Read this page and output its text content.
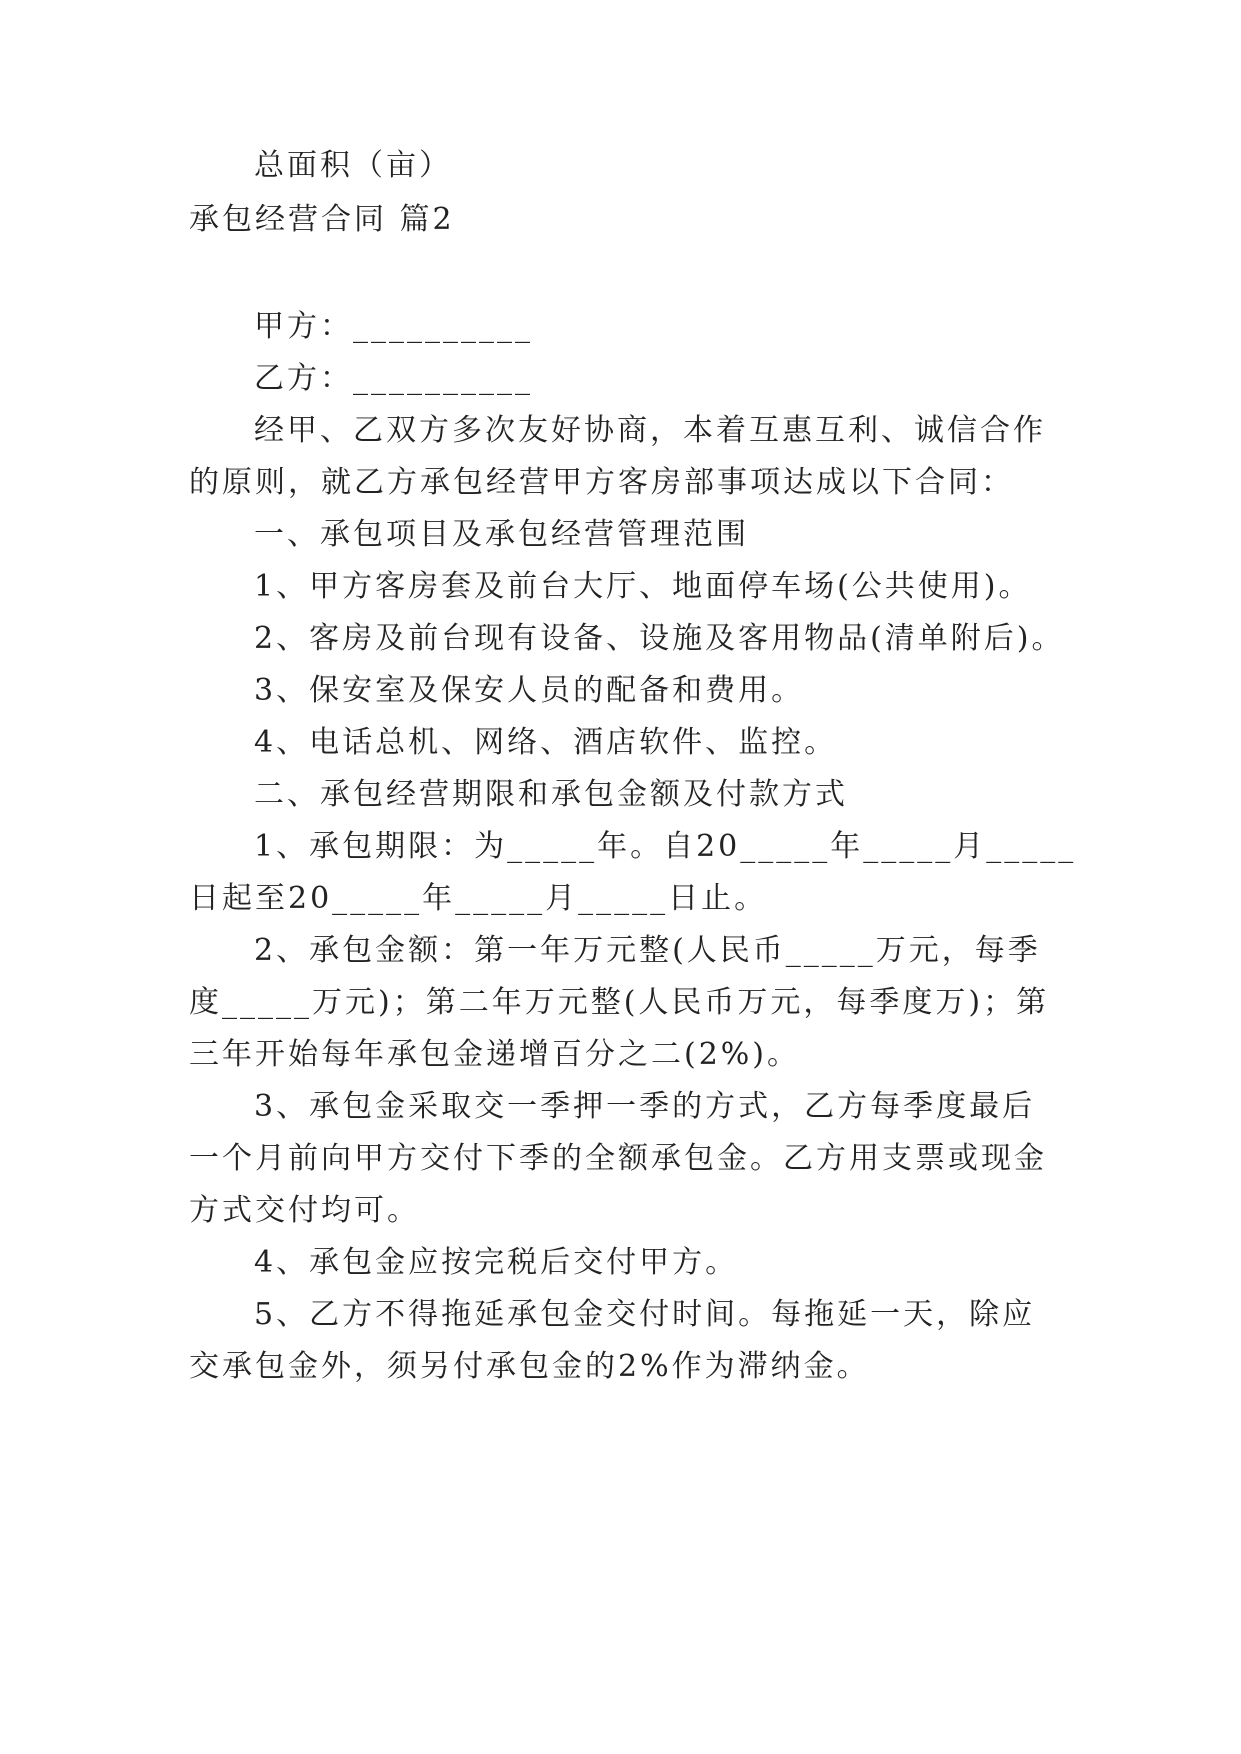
总面积（亩）

承包经营合同 篇2

甲方：__________

乙方：__________

经甲、乙双方多次友好协商，本着互惠互利、诚信合作

的原则，就乙方承包经营甲方客房部事项达成以下合同：

一、承包项目及承包经营管理范围

1、甲方客房套及前台大厅、地面停车场(公共使用)。

2、客房及前台现有设备、设施及客用物品(清单附后)。

3、保安室及保安人员的配备和费用。

4、电话总机、网络、酒店软件、监控。

二、承包经营期限和承包金额及付款方式

1、承包期限：为_____年。自20_____年_____月_____

日起至20_____年_____月_____日止。

2、承包金额：第一年万元整(人民币_____万元，每季

度_____万元)；第二年万元整(人民币万元，每季度万)；第

三年开始每年承包金递增百分之二(2%)。

3、承包金采取交一季押一季的方式，乙方每季度最后

一个月前向甲方交付下季的全额承包金。乙方用支票或现金

方式交付均可。

4、承包金应按完税后交付甲方。

5、乙方不得拖延承包金交付时间。每拖延一天，除应

交承包金外，须另付承包金的2%作为滞纳金。
